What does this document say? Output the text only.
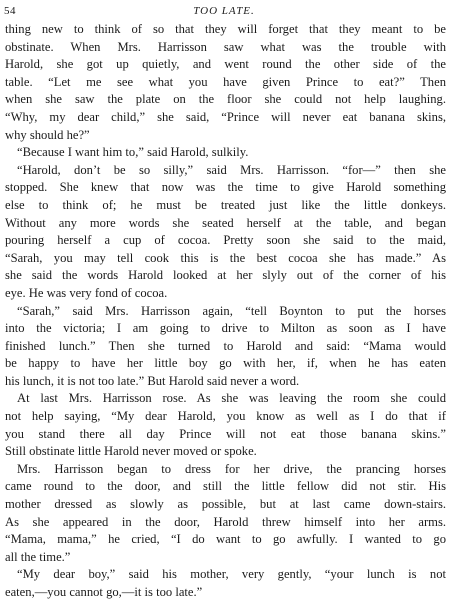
54	TOO LATE.
thing new to think of so that they will forget that they meant to be
obstinate. When Mrs. Harrisson saw what was the trouble with
Harold, she got up quietly, and went round the other side of the
table. “Let me see what you have given Prince to eat?” Then
when she saw the plate on the floor she could not help laughing.
“Why, my dear child,” she said, “Prince will never eat banana skins,
why should he?”
“Because I want him to,” said Harold, sulkily.
“Harold, don’t be so silly,” said Mrs. Harrisson. “for—” then she
stopped. She knew that now was the time to give Harold something
else to think of; he must be treated just like the little donkeys.
Without any more words she seated herself at the table, and began
pouring herself a cup of cocoa. Pretty soon she said to the maid,
“Sarah, you may tell cook this is the best cocoa she has made.” As
she said the words Harold looked at her slyly out of the corner of his
eye. He was very fond of cocoa.
“Sarah,” said Mrs. Harrisson again, “tell Boynton to put the horses
into the victoria; I am going to drive to Milton as soon as I have
finished lunch.” Then she turned to Harold and said: “Mama would
be happy to have her little boy go with her, if, when he has eaten
his lunch, it is not too late.” But Harold said never a word.
At last Mrs. Harrisson rose. As she was leaving the room she could
not help saying, “My dear Harold, you know as well as I do that if
you stand there all day Prince will not eat those banana skins.”
Still obstinate little Harold never moved or spoke.
Mrs. Harrisson began to dress for her drive, the prancing horses
came round to the door, and still the little fellow did not stir. His
mother dressed as slowly as possible, but at last came down-stairs.
As she appeared in the door, Harold threw himself into her arms.
“Mama, mama,” he cried, “I do want to go awfully. I wanted to go
all the time.”
“My dear boy,” said his mother, very gently, “your lunch is not
eaten,—you cannot go,—it is too late.”
